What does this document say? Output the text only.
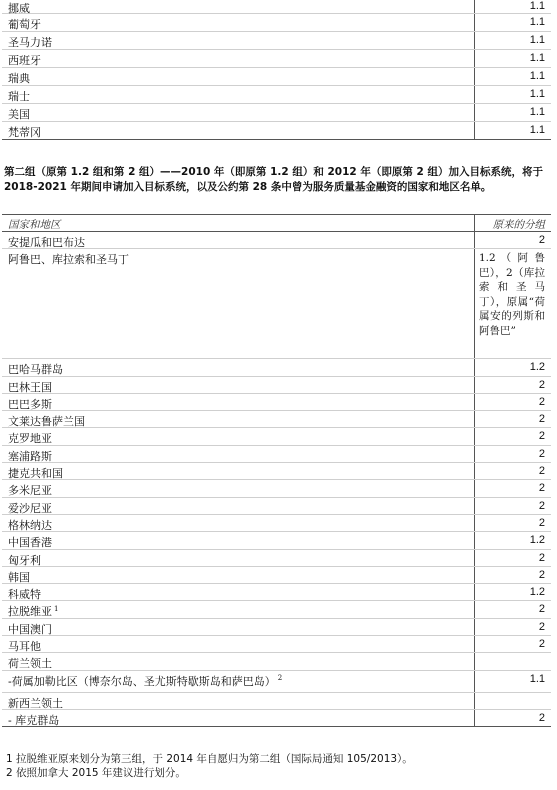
挪威	1.1
葡萄牙	1.1
圣马力诺	1.1
西班牙	1.1
瑞典	1.1
瑞士	1.1
美国	1.1
梵蒂冈	1.1
第二组（原第 1.2 组和第 2 组）——2010 年（即原第 1.2 组）和 2012 年（即原第 2 组）加入目标系统，将于 2018-2021 年期间申请加入目标系统，以及公约第 28 条中曾为服务质量基金融资的国家和地区名单。
国家和地区	原来的分组
安提瓜和巴布达	2
阿鲁巴、库拉索和圣马丁	1.2 （ 阿 鲁 巴），2（库拉索和圣马丁），原属“荷属安的列斯和阿鲁巴”
巴哈马群岛	1.2
巴林王国	2
巴巴多斯	2
文莱达鲁萨兰国	2
克罗地亚	2
塞浦路斯	2
捷克共和国	2
多米尼亚	2
爱沙尼亚	2
格林纳达	2
中国香港	1.2
匈牙利	2
韩国	2
科威特	1.2
拉脱维亚 $^1$	2
中国澳门	2
马耳他	2
荷兰领土
-荷属加勒比区（博奈尔岛、圣尤斯特歇斯岛和萨巴岛） $^2$	1.1
新西兰领土
- 库克群岛	2
1 拉脱维亚原来划分为第三组，于 2014 年自愿归为第二组（国际局通知 105/2013）。
2 依照加拿大 2015 年建议进行划分。
